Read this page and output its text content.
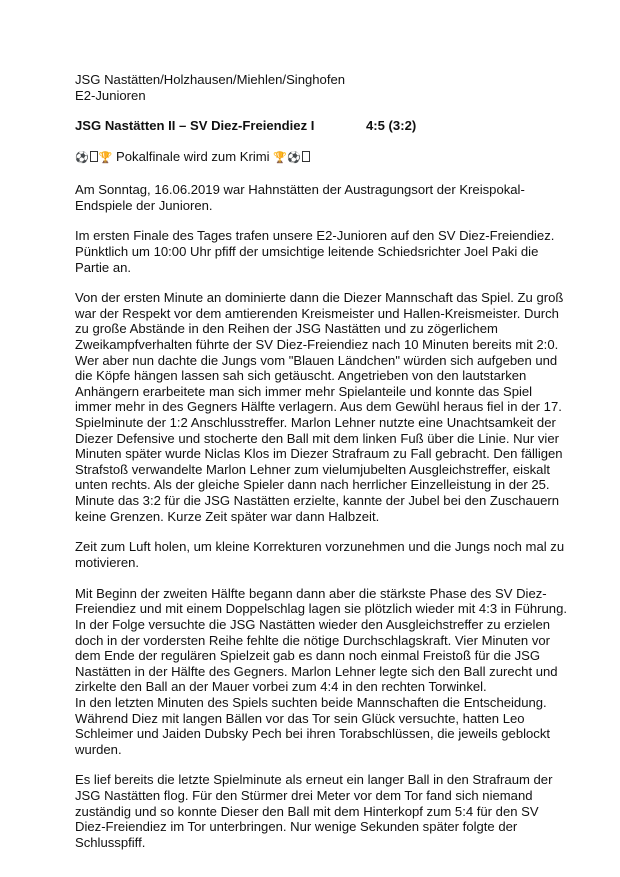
JSG Nastätten/Holzhausen/Miehlen/Singhofen
E2-Junioren
JSG Nastätten II – SV Diez-Freiendiez I	4:5 (3:2)
⚽ 🏆 Pokalfinale wird zum Krimi 🏆⚽
Am Sonntag, 16.06.2019 war Hahnstätten der Austragungsort der Kreispokal-
Endspiele der Junioren.
Im ersten Finale des Tages trafen unsere E2-Junioren auf den SV Diez-Freiendiez.
Pünktlich um 10:00 Uhr pfiff der umsichtige leitende Schiedsrichter Joel Paki die
Partie an.
Von der ersten Minute an dominierte dann die Diezer Mannschaft das Spiel. Zu groß
war der Respekt vor dem amtierenden Kreismeister und Hallen-Kreismeister. Durch
zu große Abstände in den Reihen der JSG Nastätten und zu zögerlichem
Zweikampfverhalten führte der SV Diez-Freiendiez nach 10 Minuten bereits mit 2:0.
Wer aber nun dachte die Jungs vom "Blauen Ländchen" würden sich aufgeben und
die Köpfe hängen lassen sah sich getäuscht. Angetrieben von den lautstarken
Anhängern erarbeitete man sich immer mehr Spielanteile und konnte das Spiel
immer mehr in des Gegners Hälfte verlagern. Aus dem Gewühl heraus fiel in der 17.
Spielminute der 1:2 Anschlusstreffer. Marlon Lehner nutzte eine Unachtsamkeit der
Diezer Defensive und stocherte den Ball mit dem linken Fuß über die Linie. Nur vier
Minuten später wurde Niclas Klos im Diezer Strafraum zu Fall gebracht. Den fälligen
Strafstoß verwandelte Marlon Lehner zum vielumjubelten Ausgleichstreffer, eiskalt
unten rechts. Als der gleiche Spieler dann nach herrlicher Einzelleistung in der 25.
Minute das 3:2 für die JSG Nastätten erzielte, kannte der Jubel bei den Zuschauern
keine Grenzen. Kurze Zeit später war dann Halbzeit.
Zeit zum Luft holen, um kleine Korrekturen vorzunehmen und die Jungs noch mal zu
motivieren.
Mit Beginn der zweiten Hälfte begann dann aber die stärkste Phase des SV Diez-
Freiendiez und mit einem Doppelschlag lagen sie plötzlich wieder mit 4:3 in Führung.
In der Folge versuchte die JSG Nastätten wieder den Ausgleichstreffer zu erzielen
doch in der vordersten Reihe fehlte die nötige Durchschlagskraft. Vier Minuten vor
dem Ende der regulären Spielzeit gab es dann noch einmal Freistoß für die JSG
Nastätten in der Hälfte des Gegners. Marlon Lehner legte sich den Ball zurecht und
zirkelte den Ball an der Mauer vorbei zum 4:4 in den rechten Torwinkel.
In den letzten Minuten des Spiels suchten beide Mannschaften die Entscheidung.
Während Diez mit langen Bällen vor das Tor sein Glück versuchte, hatten Leo
Schleimer und Jaiden Dubsky Pech bei ihren Torabschlüssen, die jeweils geblockt
wurden.
Es lief bereits die letzte Spielminute als erneut ein langer Ball in den Strafraum der
JSG Nastätten flog. Für den Stürmer drei Meter vor dem Tor fand sich niemand
zuständig und so konnte Dieser den Ball mit dem Hinterkopf zum 5:4 für den SV
Diez-Freiendiez im Tor unterbringen. Nur wenige Sekunden später folgte der
Schlusspfiff.
